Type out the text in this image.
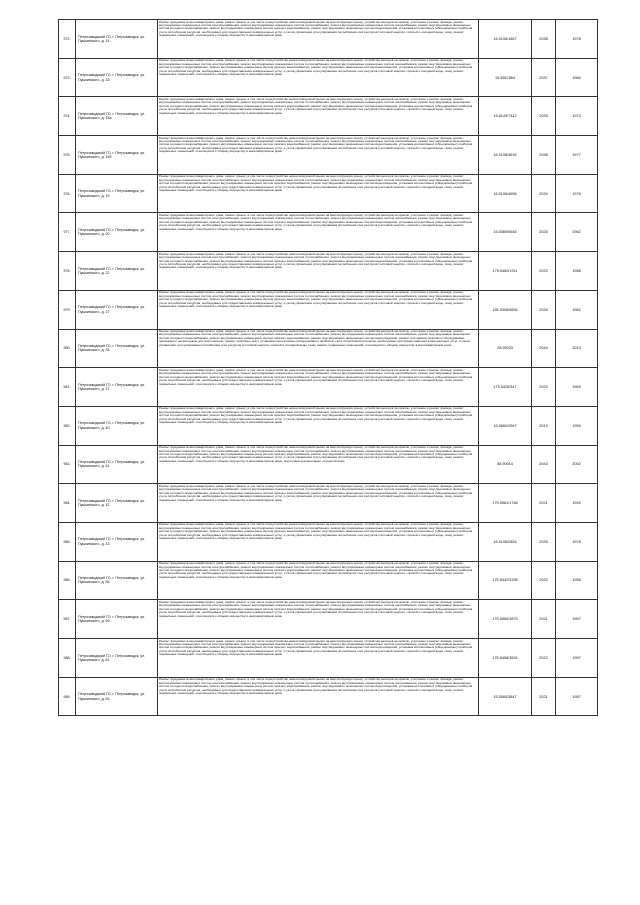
972.	Петрозаводский ГО, г. Петрозаводск, ул. Пушкинского, д. 14	Ремонт фундамента многоквартирного дома, ремонт крыши, в том числе переустройство невентилируемой крыши на вентилируемую крышу, устройство выходов на кровлю, утепление и ремонт фасада, ремонт внутридомовых инженерных систем электроснабжения, ремонт внутридомовых инженерных систем теплоснабжения, ремонт внутридомовых инженерных систем газоснабжения, ремонт внутридомовых инженерных систем холодного водоснабжения, ремонт внутридомовых инженерных систем горячего водоснабжения, ремонт внутридомовых инженерных систем водоотведения, установка коллективных (общедомовых) приборов учета потребления ресурсов, необходимых для предоставления коммунальных услуг, и узлов управления и регулирования потребления этих ресурсов (тепловой энергии, горячей и холодной воды, газа), ремонт подвальных помещений, относящихся к общему имуществу в многоквартирном доме	15.5106/1867	2038	1978
973.	Петрозаводский ГО, г. Петрозаводск, ул. Пушкинского, д. 15	Ремонт фундамента многоквартирного дома, ремонт крыши, в том числе переустройство невентилируемой крыши на вентилируемую крышу, устройство выходов на кровлю, утепление и ремонт фасада, ремонт внутридомовых инженерных систем электроснабжения, ремонт внутридомовых инженерных систем теплоснабжения, ремонт внутридомовых инженерных систем газоснабжения, ремонт внутридомовых инженерных систем холодного водоснабжения, ремонт внутридомовых инженерных систем горячего водоснабжения, ремонт внутридомовых инженерных систем водоотведения, установка коллективных (общедомовых) приборов учета потребления ресурсов, необходимых для предоставления коммунальных услуг, и узлов управления и регулирования потребления этих ресурсов (тепловой энергии, горячей и холодной воды, газа), ремонт подвальных помещений, относящихся к общему имуществу в многоквартирном доме	15.5567864	2037	1984
974.	Петрозаводский ГО, г. Петрозаводск, ул. Пушкинского, д. 15а	Ремонт фундамента многоквартирного дома, ремонт крыши, в том числе переустройство невентилируемой крыши на вентилируемую крышу, устройство выходов на кровлю, утепление и ремонт фасада, ремонт внутридомовых инженерных систем электроснабжения, ремонт внутридомовых инженерных систем теплоснабжения, ремонт внутридомовых инженерных систем газоснабжения, ремонт внутридомовых инженерных систем холодного водоснабжения, ремонт внутридомовых инженерных систем горячего водоснабжения, ремонт внутридомовых инженерных систем водоотведения, установка коллективных (общедомовых) приборов учета потребления ресурсов, необходимых для предоставления коммунальных услуг, и узлов управления и регулирования потребления этих ресурсов (тепловой энергии, горячей и холодной воды, газа), ремонт подвальных помещений, относящихся к общему имуществу в многоквартирном доме	15.5149/7412	2035	1973
975.	Петрозаводский ГО, г. Петрозаводск, ул. Пушкинского, д. 15б	Ремонт фундамента многоквартирного дома, ремонт крыши, в том числе переустройство невентилируемой крыши на вентилируемую крышу, устройство выходов на кровлю, утепление и ремонт фасада, ремонт внутридомовых инженерных систем электроснабжения, ремонт внутридомовых инженерных систем теплоснабжения, ремонт внутридомовых инженерных систем газоснабжения, ремонт внутридомовых инженерных систем холодного водоснабжения, ремонт внутридомовых инженерных систем горячего водоснабжения, ремонт внутридомовых инженерных систем водоотведения, установка коллективных (общедомовых) приборов учета потребления ресурсов, необходимых для предоставления коммунальных услуг, и узлов управления и регулирования потребления этих ресурсов (тепловой энергии, горячей и холодной воды, газа), ремонт подвальных помещений, относящихся к общему имуществу в многоквартирном доме	15.5108/3639	2036	1977
976.	Петрозаводский ГО, г. Петрозаводск, ул. Пушкинского, д. 19	Ремонт фундамента многоквартирного дома, ремонт крыши, в том числе переустройство невентилируемой крыши на вентилируемую крышу, устройство выходов на кровлю, утепление и ремонт фасада, ремонт внутридомовых инженерных систем электроснабжения, ремонт внутридомовых инженерных систем теплоснабжения, ремонт внутридомовых инженерных систем газоснабжения, ремонт внутридомовых инженерных систем холодного водоснабжения, ремонт внутридомовых инженерных систем горячего водоснабжения, ремонт внутридомовых инженерных систем водоотведения, установка коллективных (общедомовых) приборов учета потребления ресурсов, необходимых для предоставления коммунальных услуг, и узлов управления и регулирования потребления этих ресурсов (тепловой энергии, горячей и холодной воды, газа), ремонт подвальных помещений, относящихся к общему имуществу в многоквартирном доме	15.5106/4656	2034	1976
977.	Петрозаводский ГО, г. Петрозаводск, ул. Пушкинского, д. 20	Ремонт фундамента многоквартирного дома, ремонт крыши, в том числе переустройство невентилируемой крыши на вентилируемую крышу, устройство выходов на кровлю, утепление и ремонт фасада, ремонт внутридомовых инженерных систем электроснабжения, ремонт внутридомовых инженерных систем теплоснабжения, ремонт внутридомовых инженерных систем газоснабжения, ремонт внутридомовых инженерных систем холодного водоснабжения, ремонт внутридомовых инженерных систем горячего водоснабжения, ремонт внутридомовых инженерных систем водоотведения, установка коллективных (общедомовых) приборов учета потребления ресурсов, необходимых для предоставления коммунальных услуг, и узлов управления и регулирования потребления этих ресурсов (тепловой энергии, горячей и холодной воды, газа), ремонт подвальных помещений, относящихся к общему имуществу в многоквартирном доме	15.5369/5546	2025	1962
978.	Петрозаводский ГО, г. Петрозаводск, ул. Пушкинского, д. 22	Ремонт фундамента многоквартирного дома, ремонт крыши, в том числе переустройство невентилируемой крыши на вентилируемую крышу, устройство выходов на кровлю, утепление и ремонт фасада, ремонт внутридомовых инженерных систем электроснабжения, ремонт внутридомовых инженерных систем теплоснабжения, ремонт внутридомовых инженерных систем газоснабжения, ремонт внутридомовых инженерных систем холодного водоснабжения, ремонт внутридомовых инженерных систем горячего водоснабжения, ремонт внутридомовых инженерных систем водоотведения, установка коллективных (общедомовых) приборов учета потребления ресурсов, необходимых для предоставления коммунальных услуг, и узлов управления и регулирования потребления этих ресурсов (тепловой энергии, горячей и холодной воды, газа), ремонт подвальных помещений, относящихся к общему имуществу в многоквартирном доме	175.5460/1911	2022	1968
979.	Петрозаводский ГО, г. Петрозаводск, ул. Пушкинского, д. 27	Ремонт фундамента многоквартирного дома, ремонт крыши, в том числе переустройство невентилируемой крыши на вентилируемую крышу, устройство выходов на кровлю, утепление и ремонт фасада, ремонт внутридомовых инженерных систем электроснабжения, ремонт внутридомовых инженерных систем теплоснабжения, ремонт внутридомовых инженерных систем газоснабжения, ремонт внутридомовых инженерных систем холодного водоснабжения, ремонт внутридомовых инженерных систем горячего водоснабжения, ремонт внутридомовых инженерных систем водоотведения, установка коллективных (общедомовых) приборов учета потребления ресурсов, необходимых для предоставления коммунальных услуг, и узлов управления и регулирования потребления этих ресурсов (тепловой энергии, горячей и холодной воды, газа), ремонт подвальных помещений, относящихся к общему имуществу в многоквартирном доме	155.5308/6654	2026	1962
980.	Петрозаводский ГО, г. Петрозаводск, ул. Пушкинского, д. 35	Ремонт фундамента многоквартирного дома, ремонт крыши, в том числе переустройство невентилируемой крыши на вентилируемую крышу, устройство выходов на кровлю, утепление и ремонт фасада, ремонт внутридомовых инженерных систем электроснабжения, ремонт внутридомовых инженерных систем теплоснабжения, ремонт внутридомовых инженерных систем газоснабжения, ремонт внутридомовых инженерных систем холодного водоснабжения, ремонт внутридомовых инженерных систем горячего водоснабжения, ремонт внутридомовых инженерных систем водоотведения, ремонт или замена лифтового оборудования, признанного непригодным для эксплуатации, ремонт лифтовых шахт, установка коллективных (общедомовых) приборов учета потребления ресурсов, необходимых для предоставления коммунальных услуг, и узлов управления и регулирования потребления этих ресурсов (тепловой энергии, горячей и холодной воды, газа), ремонт подвальных помещений, относящихся к общему имуществу в многоквартирном доме	28.95033	2044	2013
981.	Петрозаводский ГО, г. Петрозаводск, ул. Пушкинского, д. 37	Ремонт фундамента многоквартирного дома, ремонт крыши, в том числе переустройство невентилируемой крыши на вентилируемую крышу, устройство выходов на кровлю, утепление и ремонт фасада, ремонт внутридомовых инженерных систем электроснабжения, ремонт внутридомовых инженерных систем теплоснабжения, ремонт внутридомовых инженерных систем газоснабжения, ремонт внутридомовых инженерных систем холодного водоснабжения, ремонт внутридомовых инженерных систем горячего водоснабжения, ремонт внутридомовых инженерных систем водоотведения, установка коллективных (общедомовых) приборов учета потребления ресурсов, необходимых для предоставления коммунальных услуг, и узлов управления и регулирования потребления этих ресурсов (тепловой энергии, горячей и холодной воды, газа), ремонт подвальных помещений, относящихся к общему имуществу в многоквартирном доме	175.5426/347	2023	1969
982.	Петрозаводский ГО, г. Петрозаводск, ул. Пушкинского, д. 40	Ремонт фундамента многоквартирного дома, ремонт крыши, в том числе переустройство невентилируемой крыши на вентилируемую крышу, устройство выходов на кровлю, утепление и ремонт фасада, ремонт внутридомовых инженерных систем электроснабжения, ремонт внутридомовых инженерных систем теплоснабжения, ремонт внутридомовых инженерных систем газоснабжения, ремонт внутридомовых инженерных систем холодного водоснабжения, ремонт внутридомовых инженерных систем горячего водоснабжения, ремонт внутридомовых инженерных систем водоотведения, установка коллективных (общедомовых) приборов учета потребления ресурсов, необходимых для предоставления коммунальных услуг, и узлов управления и регулирования потребления этих ресурсов (тепловой энергии, горячей и холодной воды, газа), ремонт подвальных помещений, относящихся к общему имуществу в многоквартирном доме	15.5660/2567	2019	1959
983.	Петрозаводский ГО, г. Петрозаводск, ул. Пушкинского, д. 41	Ремонт фундамента многоквартирного дома, ремонт крыши, в том числе переустройство невентилируемой крыши на вентилируемую крышу, устройство выходов на кровлю, утепление и ремонт фасада, ремонт внутридомовых инженерных систем электроснабжения, ремонт внутридомовых инженерных систем теплоснабжения, ремонт внутридомовых инженерных систем газоснабжения, ремонт внутридомовых инженерных систем холодного водоснабжения, ремонт внутридомовых инженерных систем горячего водоснабжения, ремонт внутридомовых инженерных систем водоотведения, установка коллективных (общедомовых) приборов учета потребления ресурсов, необходимых для предоставления коммунальных услуг, и узлов управления и регулирования потребления этих ресурсов (тепловой энергии, горячей и холодной воды, газа), ремонт подвальных помещений, относящихся к общему имуществу в многоквартирном доме, подготовка документации, осуществление	58.90014	2043	2002
984.	Петрозаводский ГО, г. Петрозаводск, ул. Пушкинского, д. 42	Ремонт фундамента многоквартирного дома, ремонт крыши, в том числе переустройство невентилируемой крыши на вентилируемую крышу, устройство выходов на кровлю, утепление и ремонт фасада, ремонт внутридомовых инженерных систем электроснабжения, ремонт внутридомовых инженерных систем теплоснабжения, ремонт внутридомовых инженерных систем газоснабжения, ремонт внутридомовых инженерных систем холодного водоснабжения, ремонт внутридомовых инженерных систем горячего водоснабжения, ремонт внутридомовых инженерных систем водоотведения, установка коллективных (общедомовых) приборов учета потребления ресурсов, необходимых для предоставления коммунальных услуг, и узлов управления и регулирования потребления этих ресурсов (тепловой энергии, горячей и холодной воды, газа), ремонт подвальных помещений, относящихся к общему имуществу в многоквартирном доме	175.5561/1748	2021	1949
985.	Петрозаводский ГО, г. Петрозаводск, ул. Пушкинского, д. 43	Ремонт фундамента многоквартирного дома, ремонт крыши, в том числе переустройство невентилируемой крыши на вентилируемую крышу, устройство выходов на кровлю, утепление и ремонт фасада, ремонт внутридомовых инженерных систем электроснабжения, ремонт внутридомовых инженерных систем теплоснабжения, ремонт внутридомовых инженерных систем газоснабжения, ремонт внутридомовых инженерных систем холодного водоснабжения, ремонт внутридомовых инженерных систем горячего водоснабжения, ремонт внутридомовых инженерных систем водоотведения, установка коллективных (общедомовых) приборов учета потребления ресурсов, необходимых для предоставления коммунальных услуг, и узлов управления и регулирования потребления этих ресурсов (тепловой энергии, горячей и холодной воды, газа), ремонт подвальных помещений, относящихся к общему имуществу в многоквартирном доме	15.5106/2854	2035	1978
986.	Петрозаводский ГО, г. Петрозаводск, ул. Пушкинского, д. 55	Ремонт фундамента многоквартирного дома, ремонт крыши, в том числе переустройство невентилируемой крыши на вентилируемую крышу, устройство выходов на кровлю, утепление и ремонт фасада, ремонт внутридомовых инженерных систем электроснабжения, ремонт внутридомовых инженерных систем теплоснабжения, ремонт внутридомовых инженерных систем газоснабжения, ремонт внутридомовых инженерных систем холодного водоснабжения, ремонт внутридомовых инженерных систем горячего водоснабжения, ремонт внутридомовых инженерных систем водоотведения, установка коллективных (общедомовых) приборов учета потребления ресурсов, необходимых для предоставления коммунальных услуг, и узлов управления и регулирования потребления этих ресурсов (тепловой энергии, горячей и холодной воды, газа), ремонт подвальных помещений, относящихся к общему имуществу в многоквартирном доме	175.5442/5339	2020	1958
987.	Петрозаводский ГО, г. Петрозаводск, ул. Пушкинского, д. 59	Ремонт фундамента многоквартирного дома, ремонт крыши, в том числе переустройство невентилируемой крыши на вентилируемую крышу, устройство выходов на кровлю, утепление и ремонт фасада, ремонт внутридомовых инженерных систем электроснабжения, ремонт внутридомовых инженерных систем теплоснабжения, ремонт внутридомовых инженерных систем газоснабжения, ремонт внутридомовых инженерных систем холодного водоснабжения, ремонт внутридомовых инженерных систем горячего водоснабжения, ремонт внутридомовых инженерных систем водоотведения, установка коллективных (общедомовых) приборов учета потребления ресурсов, необходимых для предоставления коммунальных услуг, и узлов управления и регулирования потребления этих ресурсов (тепловой энергии, горячей и холодной воды, газа), ремонт подвальных помещений, относящихся к общему имуществу в многоквартирном доме	175.5560/3879	2021	1957
988.	Петрозаводский ГО, г. Петрозаводск, ул. Пушкинского, д. 61	Ремонт фундамента многоквартирного дома, ремонт крыши, в том числе переустройство невентилируемой крыши на вентилируемую крышу, устройство выходов на кровлю, утепление и ремонт фасада, ремонт внутридомовых инженерных систем электроснабжения, ремонт внутридомовых инженерных систем теплоснабжения, ремонт внутридомовых инженерных систем газоснабжения, ремонт внутридомовых инженерных систем холодного водоснабжения, ремонт внутридомовых инженерных систем горячего водоснабжения, ремонт внутридомовых инженерных систем водоотведения, установка коллективных (общедомовых) приборов учета потребления ресурсов, необходимых для предоставления коммунальных услуг, и узлов управления и регулирования потребления этих ресурсов (тепловой энергии, горячей и холодной воды, газа), ремонт подвальных помещений, относящихся к общему имуществу в многоквартирном доме	175.5458/3524	2022	1957
989.	Петрозаводский ГО, г. Петрозаводск, ул. Пушкинского, д. 63	Ремонт фундамента многоквартирного дома, ремонт крыши, в том числе переустройство невентилируемой крыши на вентилируемую крышу, устройство выходов на кровлю, утепление и ремонт фасада, ремонт внутридомовых инженерных систем электроснабжения, ремонт внутридомовых инженерных систем теплоснабжения, ремонт внутридомовых инженерных систем газоснабжения, ремонт внутридомовых инженерных систем холодного водоснабжения, ремонт внутридомовых инженерных систем горячего водоснабжения, ремонт внутридомовых инженерных систем водоотведения, установка коллективных (общедомовых) приборов учета потребления ресурсов, необходимых для предоставления коммунальных услуг, и узлов управления и регулирования потребления этих ресурсов (тепловой энергии, горячей и холодной воды, газа), ремонт подвальных помещений, относящихся к общему имуществу в многоквартирном доме	15.5560/3847	2021	1957
